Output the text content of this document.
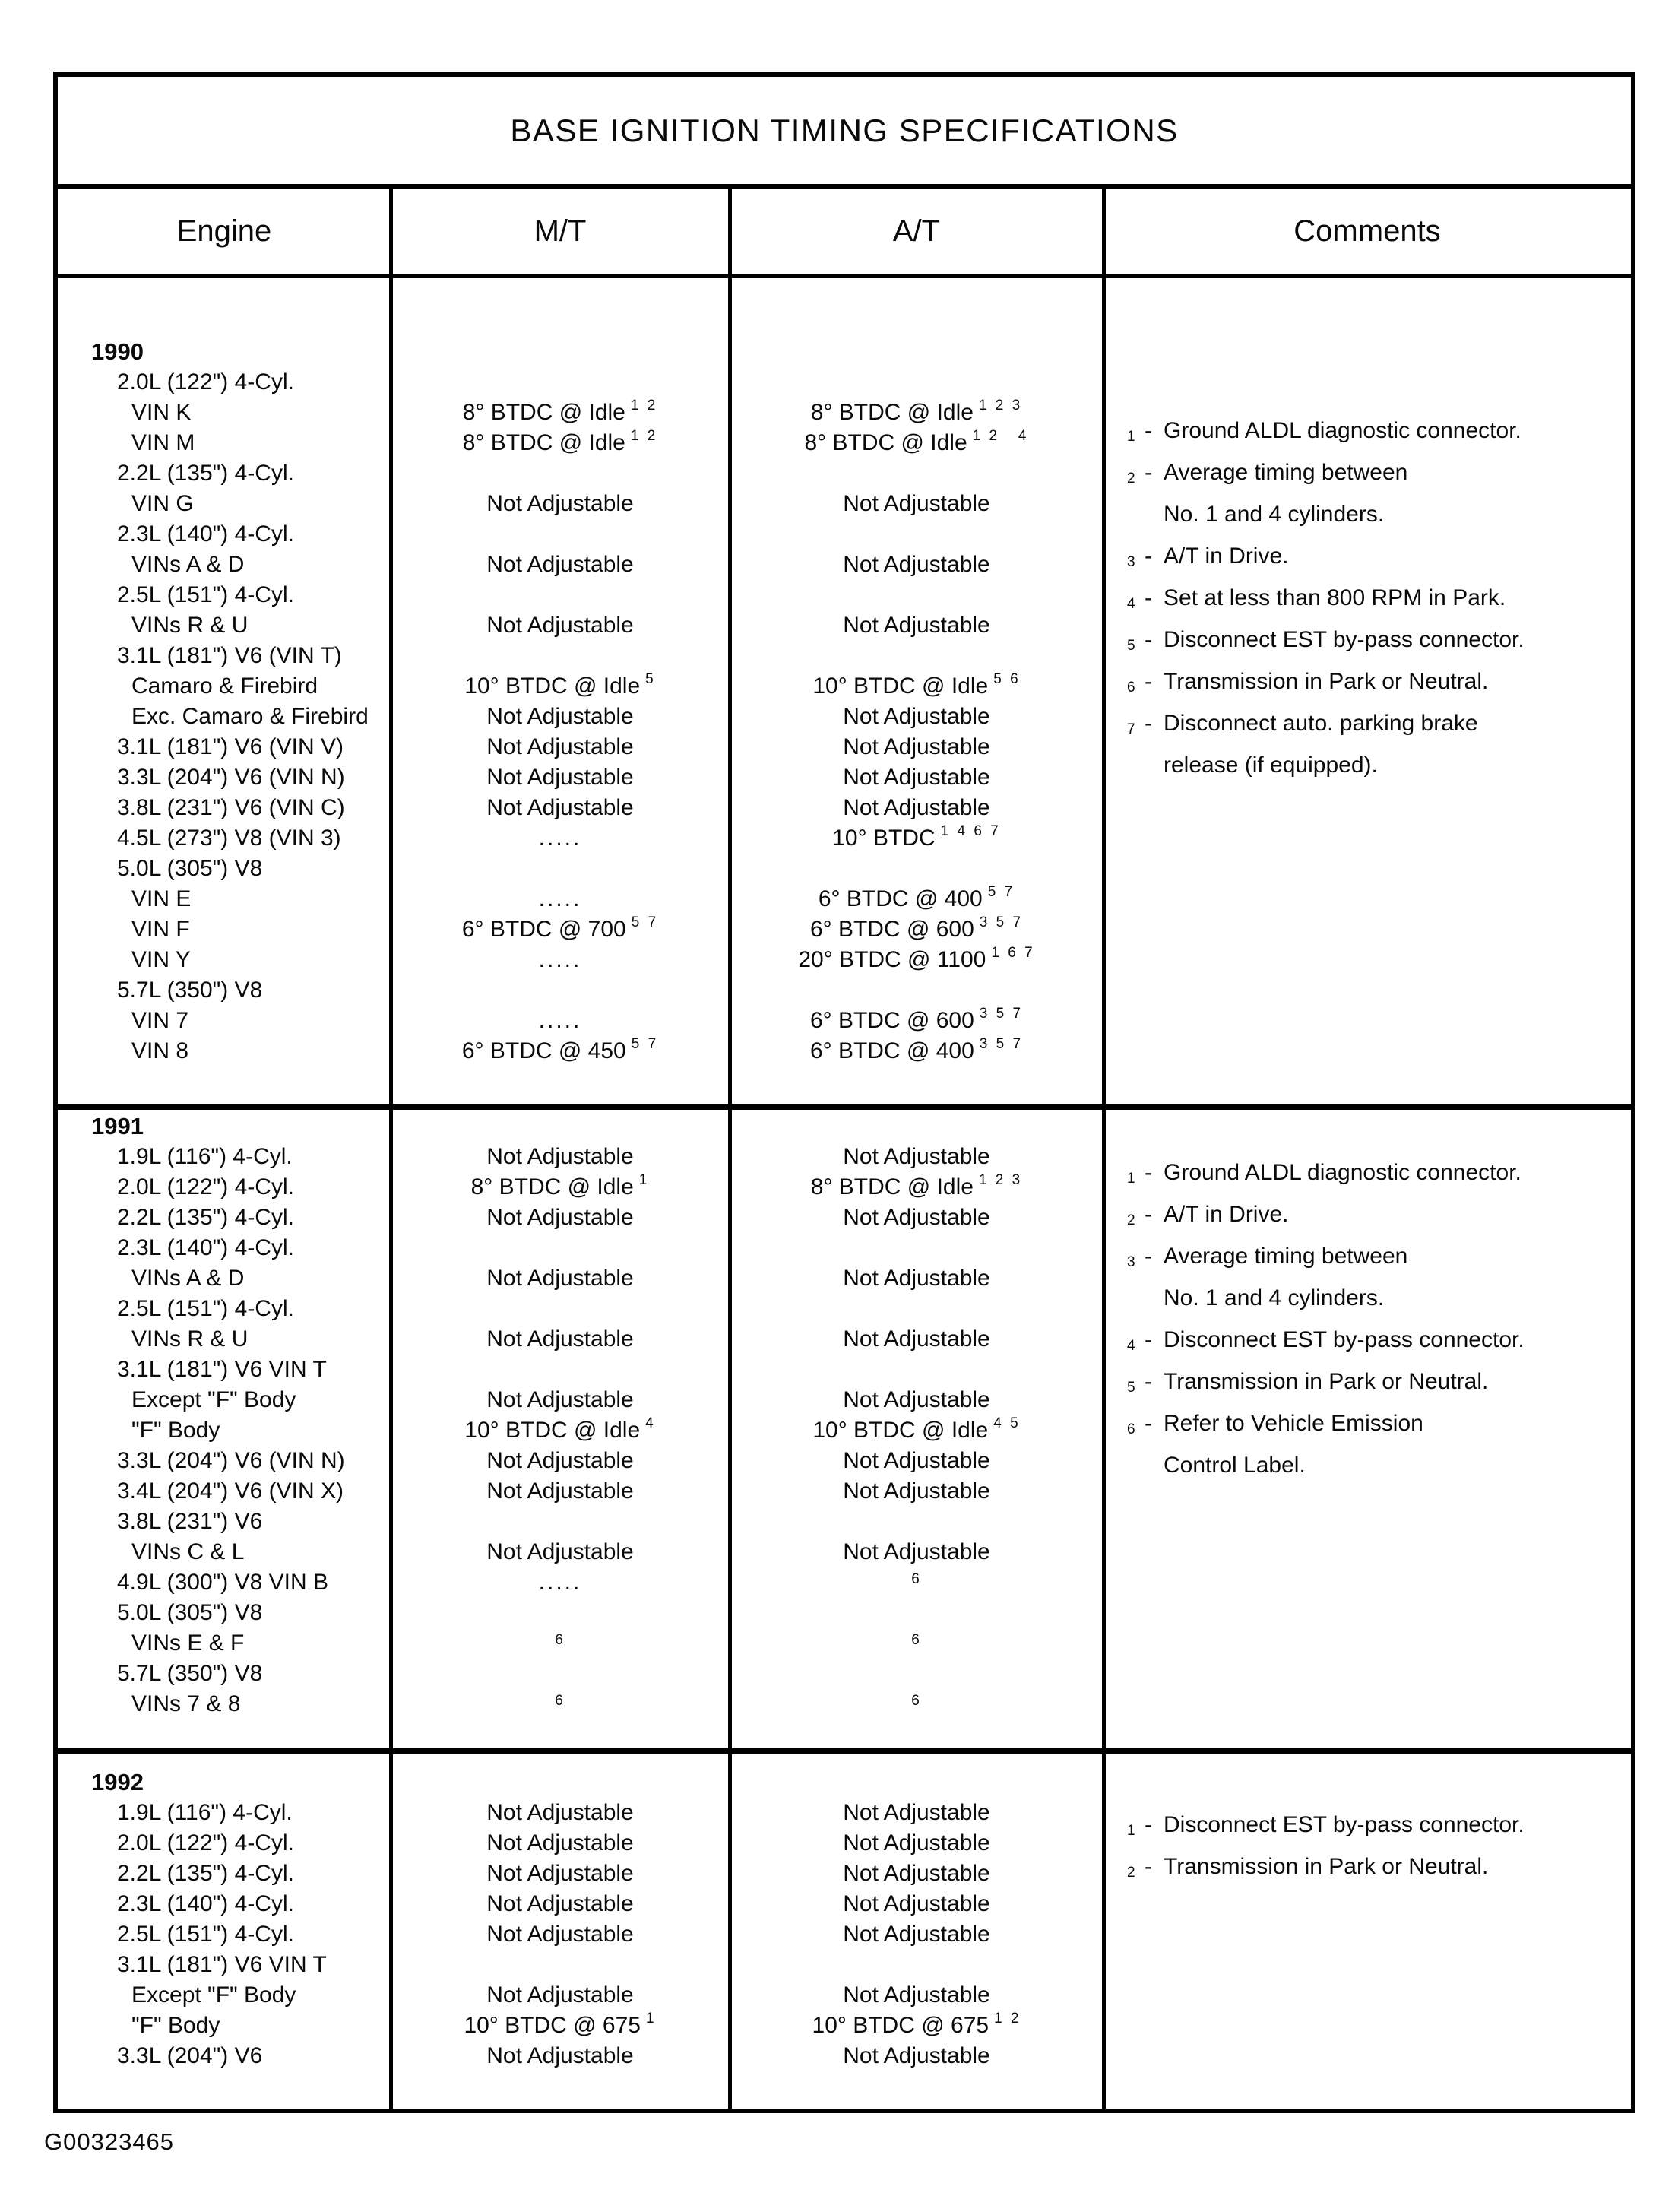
BASE IGNITION TIMING SPECIFICATIONS
Engine	M/T	A/T	Comments
1990
2.0L (122") 4-Cyl.
VIN K	8° BTDC @ Idle $^{1 2}$	8° BTDC @ Idle $^{1 2 3}$
VIN M	8° BTDC @ Idle $^{1 2}$	8° BTDC @ Idle $^{1 2 4}$
2.2L (135") 4-Cyl.
VIN G	Not Adjustable	Not Adjustable
2.3L (140") 4-Cyl.
VINs A & D	Not Adjustable	Not Adjustable
2.5L (151") 4-Cyl.
VINs R & U	Not Adjustable	Not Adjustable
3.1L (181") V6 (VIN T)
Camaro & Firebird	10° BTDC @ Idle $^5$	10° BTDC @ Idle $^{5 6}$
Exc. Camaro & Firebird	Not Adjustable	Not Adjustable
3.1L (181") V6 (VIN V)	Not Adjustable	Not Adjustable
3.3L (204") V6 (VIN N)	Not Adjustable	Not Adjustable
3.8L (231") V6 (VIN C)	Not Adjustable	Not Adjustable
4.5L (273") V8 (VIN 3)	.....	10° BTDC $^{1 4 6 7}$
5.0L (305") V8
VIN E	.....	6° BTDC @ 400 $^{5 7}$
VIN F	6° BTDC @ 700 $^{5 7}$	6° BTDC @ 600 $^{3 5 7}$
VIN Y	.....	20° BTDC @ 1100 $^{1 6 7}$
5.7L (350") V8
VIN 7	.....	6° BTDC @ 600 $^{3 5 7}$
VIN 8	6° BTDC @ 450 $^{5 7}$	6° BTDC @ 400 $^{3 5 7}$
$^1$ - Ground ALDL diagnostic connector.
$^2$ - Average timing between
No. 1 and 4 cylinders.
$^3$ - A/T in Drive.
$^4$ - Set at less than 800 RPM in Park.
$^5$ - Disconnect EST by-pass connector.
$^6$ - Transmission in Park or Neutral.
$^7$ - Disconnect auto. parking brake
release (if equipped).
1991
1.9L (116") 4-Cyl.	Not Adjustable	Not Adjustable
2.0L (122") 4-Cyl.	8° BTDC @ Idle $^1$	8° BTDC @ Idle $^{1 2 3}$
2.2L (135") 4-Cyl.	Not Adjustable	Not Adjustable
2.3L (140") 4-Cyl.
VINs A & D	Not Adjustable	Not Adjustable
2.5L (151") 4-Cyl.
VINs R & U	Not Adjustable	Not Adjustable
3.1L (181") V6 VIN T
Except "F" Body	Not Adjustable	Not Adjustable
"F" Body	10° BTDC @ Idle $^4$	10° BTDC @ Idle $^{4 5}$
3.3L (204") V6 (VIN N)	Not Adjustable	Not Adjustable
3.4L (204") V6 (VIN X)	Not Adjustable	Not Adjustable
3.8L (231") V6
VINs C & L	Not Adjustable	Not Adjustable
4.9L (300") V8 VIN B	.....	$^6$
5.0L (305") V8
VINs E & F	$^6$	$^6$
5.7L (350") V8
VINs 7 & 8	$^6$	$^6$
$^1$ - Ground ALDL diagnostic connector.
$^2$ - A/T in Drive.
$^3$ - Average timing between
No. 1 and 4 cylinders.
$^4$ - Disconnect EST by-pass connector.
$^5$ - Transmission in Park or Neutral.
$^6$ - Refer to Vehicle Emission
Control Label.
1992
1.9L (116") 4-Cyl.	Not Adjustable	Not Adjustable
2.0L (122") 4-Cyl.	Not Adjustable	Not Adjustable
2.2L (135") 4-Cyl.	Not Adjustable	Not Adjustable
2.3L (140") 4-Cyl.	Not Adjustable	Not Adjustable
2.5L (151") 4-Cyl.	Not Adjustable	Not Adjustable
3.1L (181") V6 VIN T
Except "F" Body	Not Adjustable	Not Adjustable
"F" Body	10° BTDC @ 675 $^1$	10° BTDC @ 675 $^{1 2}$
3.3L (204") V6	Not Adjustable	Not Adjustable
$^1$ - Disconnect EST by-pass connector.
$^2$ - Transmission in Park or Neutral.
G00323465
